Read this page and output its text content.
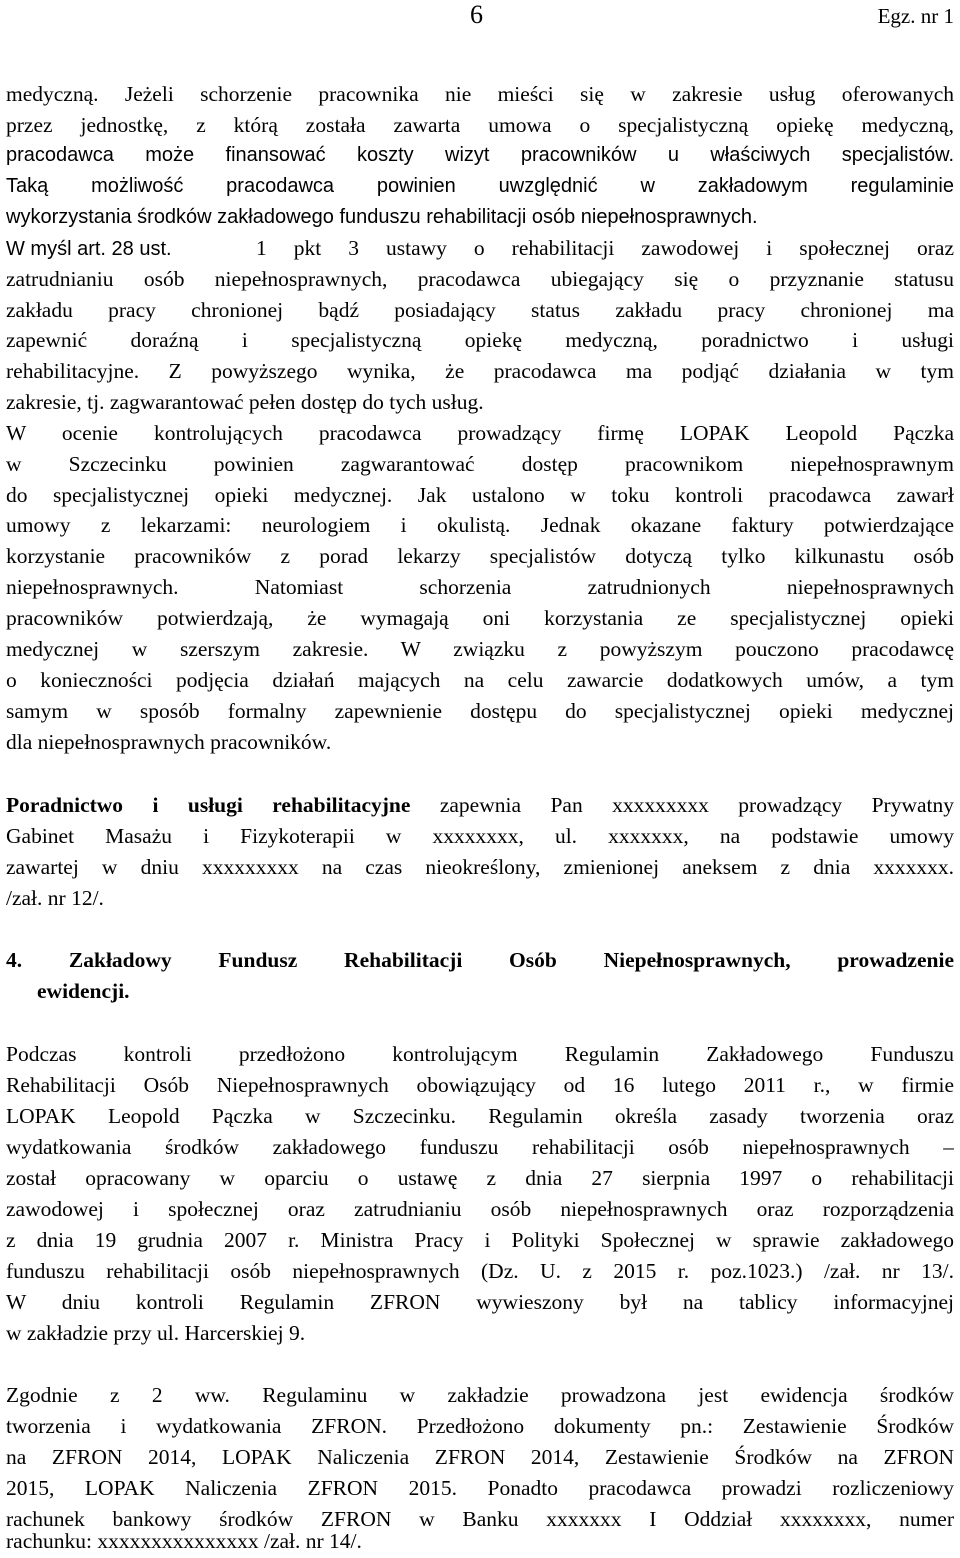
6	Egz. nr 1
medyczną. Jeżeli schorzenie pracownika nie mieści się w zakresie usług oferowanych
przez jednostkę, z którą została zawarta umowa o specjalistyczną opiekę medyczną,
pracodawca może finansować koszty wizyt pracowników u właściwych specjalistów.
Taką możliwość pracodawca powinien uwzględnić w zakładowym regulaminie
wykorzystania środków zakładowego funduszu rehabilitacji osób niepełnosprawnych.
W myśl art. 28 ust.	1 pkt 3 ustawy o rehabilitacji zawodowej i społecznej oraz
zatrudnianiu osób niepełnosprawnych, pracodawca ubiegający się o przyznanie statusu
zakładu pracy chronionej bądź posiadający status zakładu pracy chronionej ma
zapewnić doraźną i specjalistyczną opiekę medyczną, poradnictwo i usługi
rehabilitacyjne. Z powyższego wynika, że pracodawca ma podjąć działania w tym
zakresie, tj. zagwarantować pełen dostęp do tych usług.
W ocenie kontrolujących pracodawca prowadzący firmę LOPAK Leopold Pączka
w Szczecinku powinien zagwarantować dostęp pracownikom niepełnosprawnym
do specjalistycznej opieki medycznej. Jak ustalono w toku kontroli pracodawca zawarł
umowy z lekarzami: neurologiem i okulistą. Jednak okazane faktury potwierdzające
korzystanie pracowników z porad lekarzy specjalistów dotyczą tylko kilkunastu osób
niepełnosprawnych. Natomiast schorzenia zatrudnionych niepełnosprawnych
pracowników potwierdzają, że wymagają oni korzystania ze specjalistycznej opieki
medycznej w szerszym zakresie. W związku z powyższym pouczono pracodawcę
o konieczności podjęcia działań mających na celu zawarcie dodatkowych umów, a tym
samym w sposób formalny zapewnienie dostępu do specjalistycznej opieki medycznej
dla niepełnosprawnych pracowników.
Poradnictwo i usługi rehabilitacyjne zapewnia Pan xxxxxxxxx prowadzący Prywatny
Gabinet Masażu i Fizykoterapii w xxxxxxxx, ul. xxxxxxx, na podstawie umowy
zawartej w dniu xxxxxxxxx na czas nieokreślony, zmienionej aneksem z dnia xxxxxxx.
/zał. nr 12/.
4. Zakładowy Fundusz Rehabilitacji Osób Niepełnosprawnych, prowadzenie
ewidencji.
Podczas kontroli przedłożono kontrolującym Regulamin Zakładowego Funduszu
Rehabilitacji Osób Niepełnosprawnych obowiązujący od 16 lutego 2011 r., w firmie
LOPAK Leopold Pączka w Szczecinku. Regulamin określa zasady tworzenia oraz
wydatkowania środków zakładowego funduszu rehabilitacji osób niepełnosprawnych –
został opracowany w oparciu o ustawę z dnia 27 sierpnia 1997 o rehabilitacji
zawodowej i społecznej oraz zatrudnianiu osób niepełnosprawnych oraz rozporządzenia
z dnia 19 grudnia 2007 r. Ministra Pracy i Polityki Społecznej w sprawie zakładowego
funduszu rehabilitacji osób niepełnosprawnych (Dz. U. z 2015 r. poz.1023.) /zał. nr 13/.
W dniu kontroli Regulamin ZFRON wywieszony był na tablicy informacyjnej
w zakładzie przy ul. Harcerskiej 9.
Zgodnie z 2 ww. Regulaminu w zakładzie prowadzona jest ewidencja środków
tworzenia i wydatkowania ZFRON. Przedłożono dokumenty pn.: Zestawienie Środków
na ZFRON 2014, LOPAK Naliczenia ZFRON 2014, Zestawienie Środków na ZFRON
2015, LOPAK Naliczenia ZFRON 2015. Ponadto pracodawca prowadzi rozliczeniowy
rachunek bankowy środków ZFRON w Banku xxxxxxx I Oddział xxxxxxxx, numer
rachunku: xxxxxxxxxxxxxxx /zał. nr 14/.
